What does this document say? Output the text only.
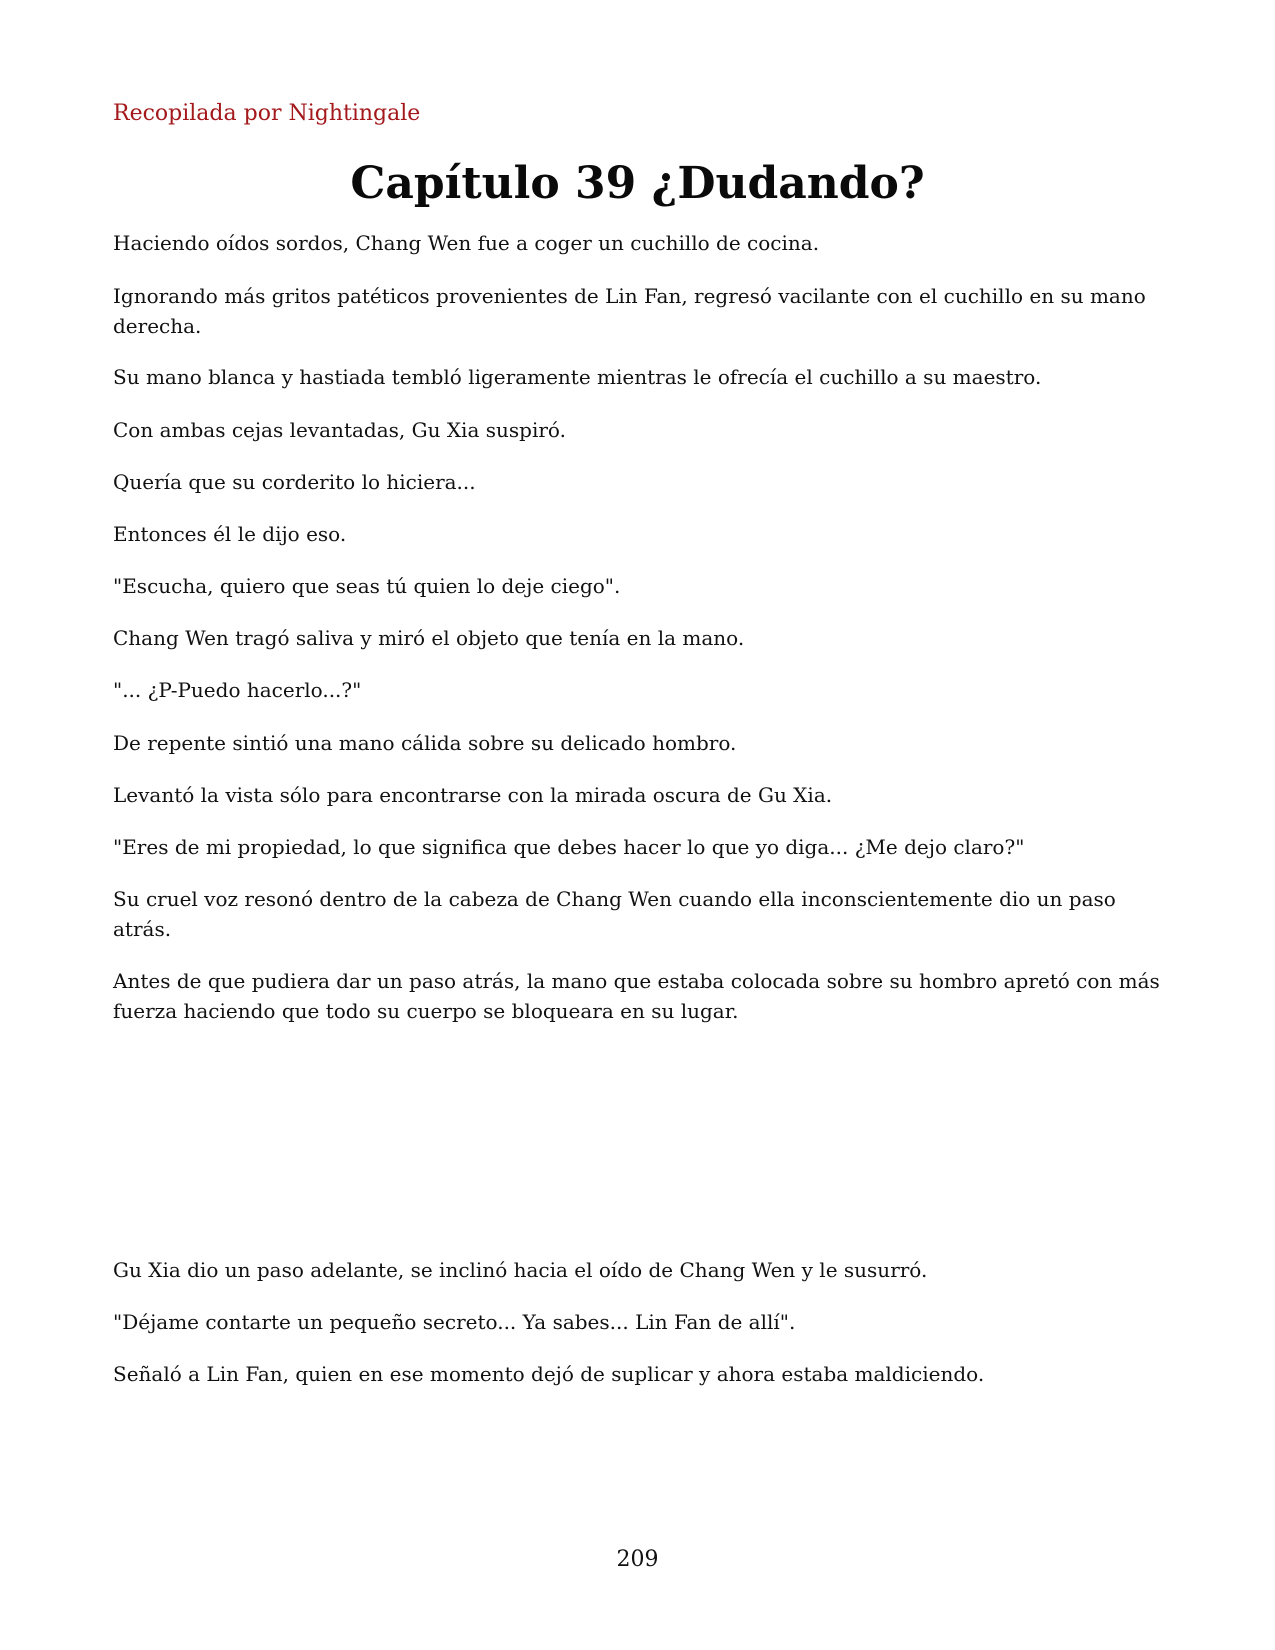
Recopilada por Nightingale
Capítulo 39 ¿Dudando?

Haciendo oídos sordos, Chang Wen fue a coger un cuchillo de cocina.

Ignorando más gritos patéticos provenientes de Lin Fan, regresó vacilante con el cuchillo en su mano derecha.

Su mano blanca y hastiada tembló ligeramente mientras le ofrecía el cuchillo a su maestro.

Con ambas cejas levantadas, Gu Xia suspiró.

Quería que su corderito lo hiciera...

Entonces él le dijo eso.

"Escucha, quiero que seas tú quien lo deje ciego".

Chang Wen tragó saliva y miró el objeto que tenía en la mano.

"... ¿P-Puedo hacerlo...?"

De repente sintió una mano cálida sobre su delicado hombro.

Levantó la vista sólo para encontrarse con la mirada oscura de Gu Xia.

"Eres de mi propiedad, lo que significa que debes hacer lo que yo diga... ¿Me dejo claro?"

Su cruel voz resonó dentro de la cabeza de Chang Wen cuando ella inconscientemente dio un paso atrás.

Antes de que pudiera dar un paso atrás, la mano que estaba colocada sobre su hombro apretó con más fuerza haciendo que todo su cuerpo se bloqueara en su lugar.

Gu Xia dio un paso adelante, se inclinó hacia el oído de Chang Wen y le susurró.

"Déjame contarte un pequeño secreto... Ya sabes... Lin Fan de allí".

Señaló a Lin Fan, quien en ese momento dejó de suplicar y ahora estaba maldiciendo.

209
